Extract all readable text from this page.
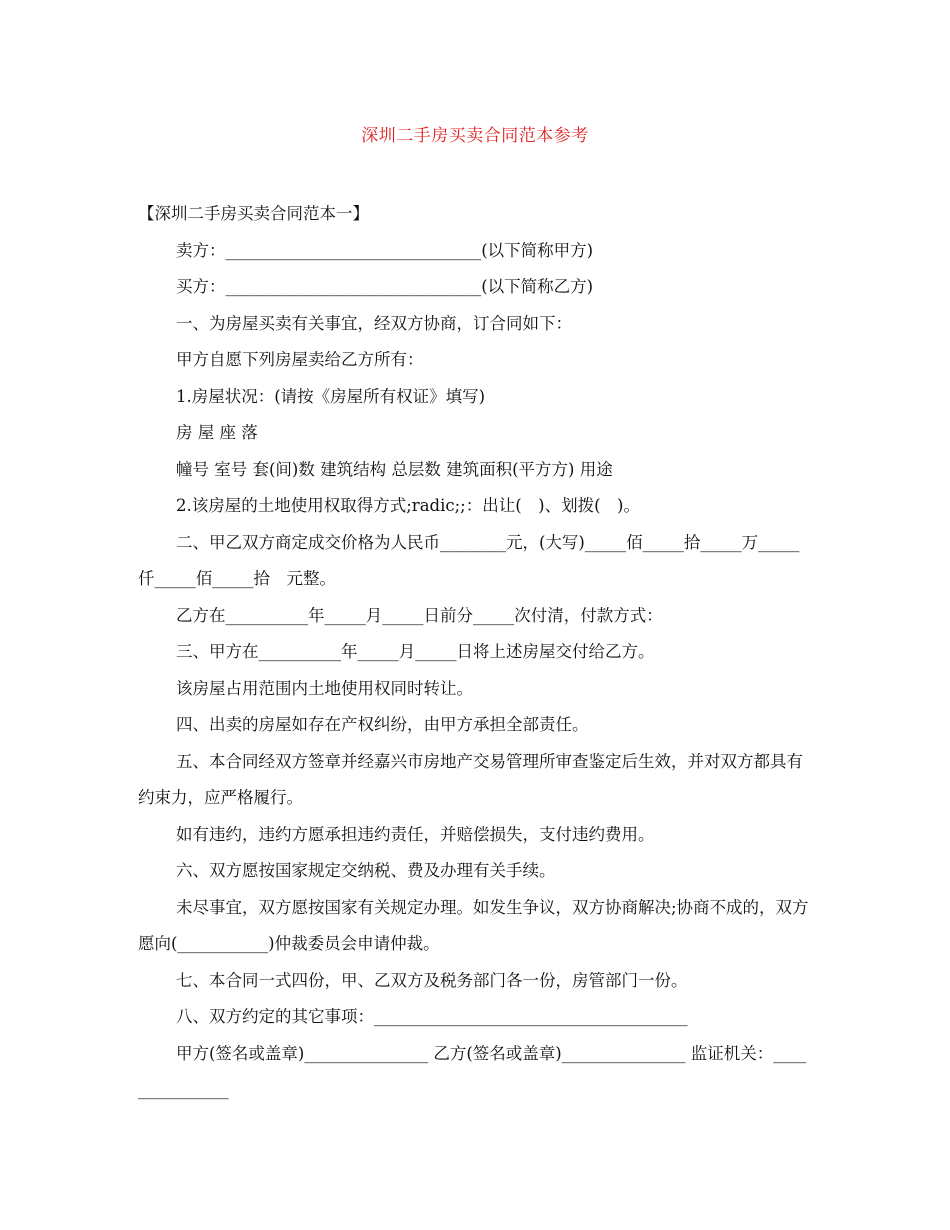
深圳二手房买卖合同范本参考

【深圳二手房买卖合同范本一】

卖方：_______________________________(以下简称甲方)

买方：_______________________________(以下简称乙方)

一、为房屋买卖有关事宜，经双方协商，订合同如下：

甲方自愿下列房屋卖给乙方所有：

1.房屋状况：(请按《房屋所有权证》填写)

房 屋 座 落

幢号 室号 套(间)数 建筑结构 总层数 建筑面积(平方方) 用途

2.该房屋的土地使用权取得方式;radic;;：出让(　)、划拨(　)。

二、甲乙双方商定成交价格为人民币________元，(大写)_____佰_____拾_____万_____仟_____佰_____拾　元整。

乙方在__________年_____月_____日前分_____次付清，付款方式：

三、甲方在__________年_____月_____日将上述房屋交付给乙方。

该房屋占用范围内土地使用权同时转让。

四、出卖的房屋如存在产权纠纷，由甲方承担全部责任。

五、本合同经双方签章并经嘉兴市房地产交易管理所审查鉴定后生效，并对双方都具有约束力，应严格履行。

如有违约，违约方愿承担违约责任，并赔偿损失，支付违约费用。

六、双方愿按国家规定交纳税、费及办理有关手续。

未尽事宜，双方愿按国家有关规定办理。如发生争议，双方协商解决;协商不成的，双方愿向(___________)仲裁委员会申请仲裁。

七、本合同一式四份，甲、乙双方及税务部门各一份，房管部门一份。

八、双方约定的其它事项：______________________________________

甲方(签名或盖章)_______________ 乙方(签名或盖章)_______________ 监证机关：_______________
